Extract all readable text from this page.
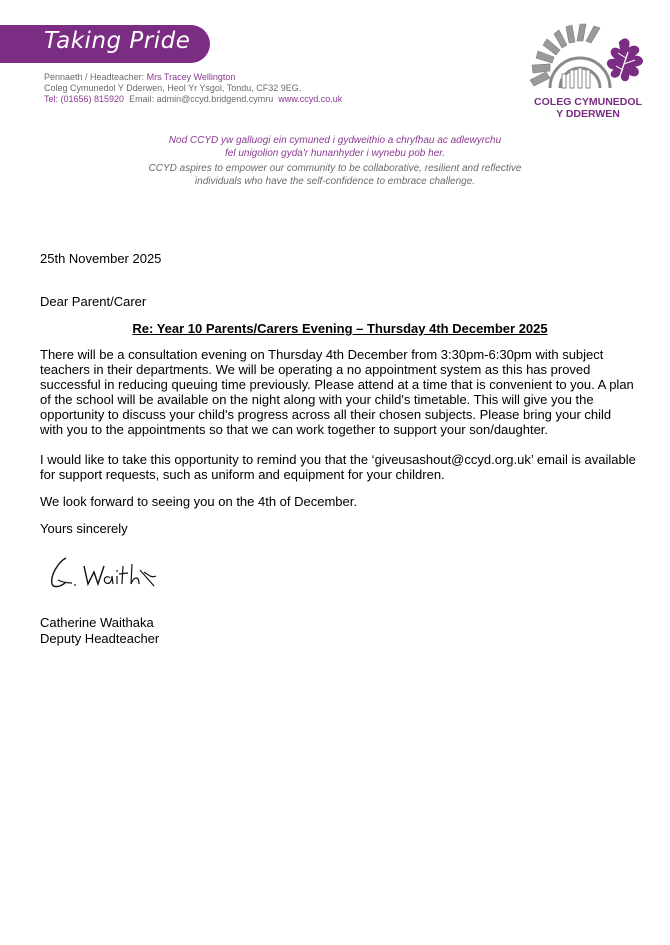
Taking Pride
Pennaeth / Headteacher: Mrs Tracey Wellington
Coleg Cymunedol Y Dderwen, Heol Yr Ysgol, Tondu, CF32 9EG.
Tel: (01656) 815920  Email: admin@ccyd.bridgend.cymru  www.ccyd.co.uk	COLEG CYMUNEDOL
Y DDERWEN
Nod CCYD yw galluogi ein cymuned i gydweithio a chryfhau ac adlewyrchu
fel unigolion gyda'r hunanhyder i wynebu pob her.
CCYD aspires to empower our community to be collaborative, resilient and reflective
individuals who have the self-confidence to embrace challenge.
25th November 2025
Dear Parent/Carer
Re: Year 10 Parents/Carers Evening – Thursday 4th December 2025
There will be a consultation evening on Thursday 4th December from 3:30pm-6:30pm with subject teachers in their departments. We will be operating a no appointment system as this has proved successful in reducing queuing time previously. Please attend at a time that is convenient to you. A plan of the school will be available on the night along with your child's timetable. This will give you the opportunity to discuss your child's progress across all their chosen subjects. Please bring your child with you to the appointments so that we can work together to support your son/daughter.
I would like to take this opportunity to remind you that the ‘giveusashout@ccyd.org.uk’ email is available for support requests, such as uniform and equipment for your children.
We look forward to seeing you on the 4th of December.
Yours sincerely
Catherine Waithaka
Deputy Headteacher
